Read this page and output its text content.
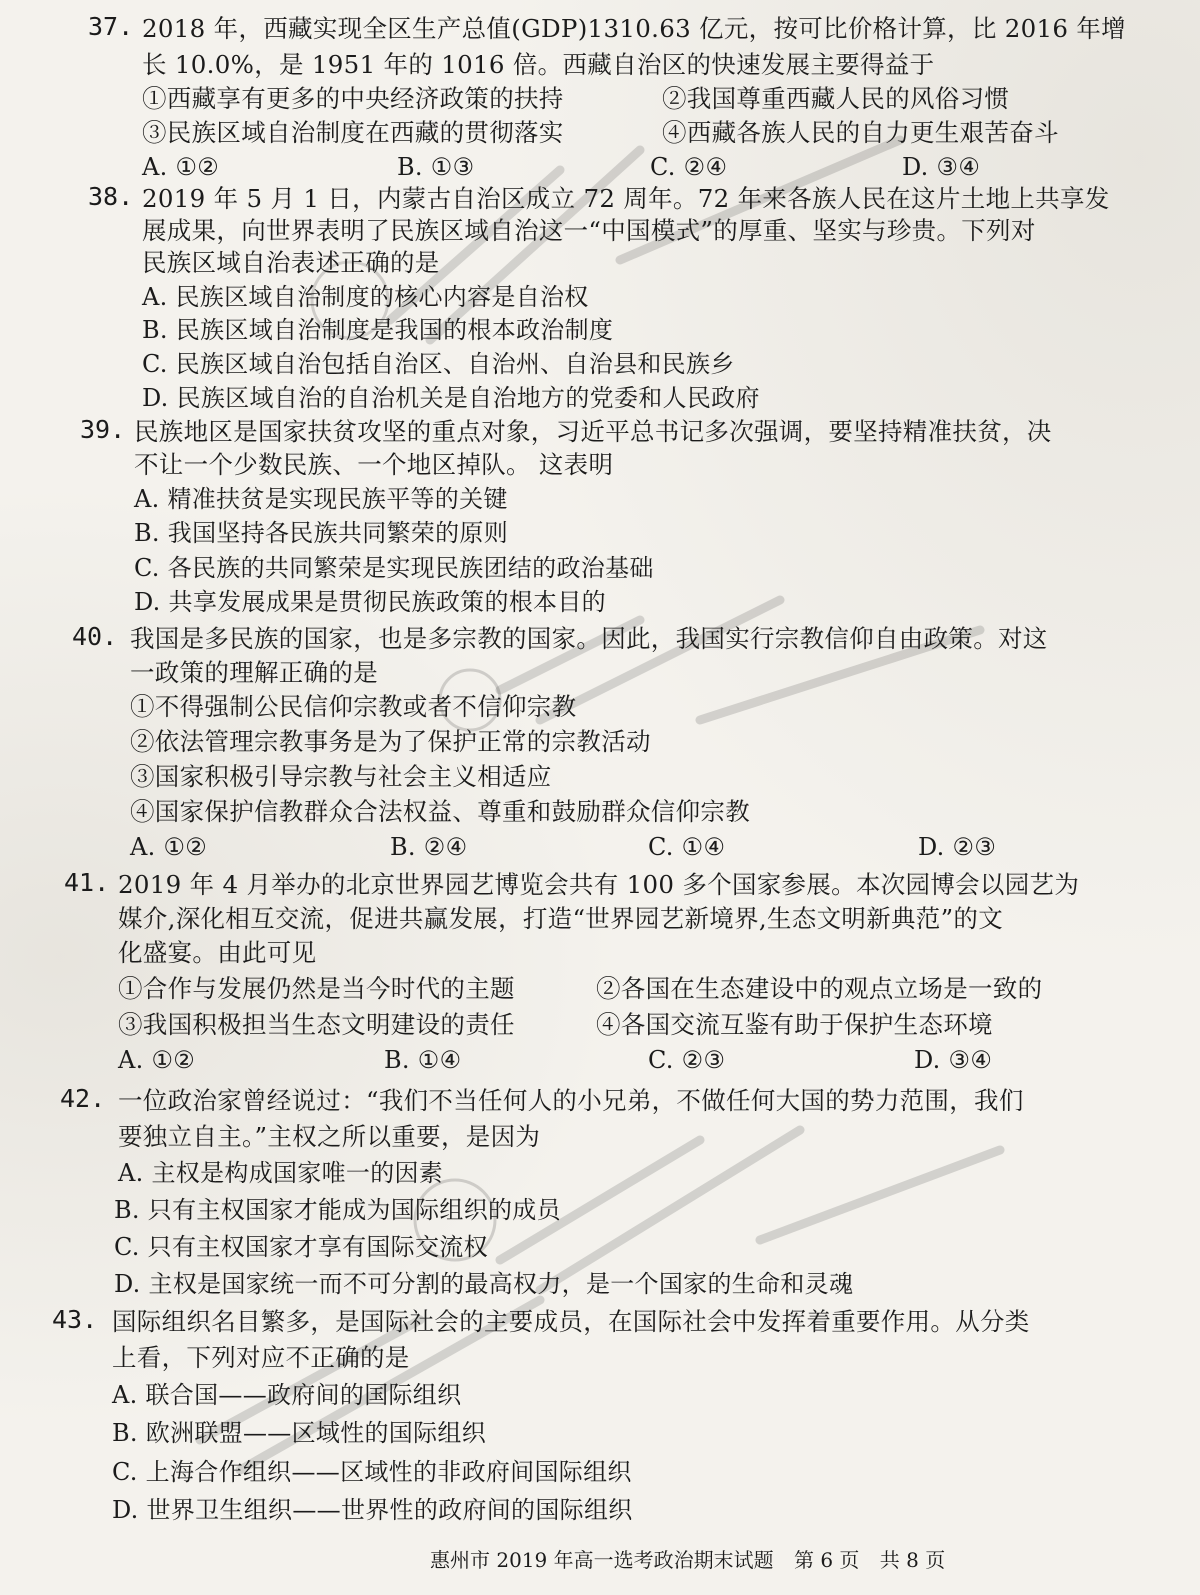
37. 2018 年，西藏实现全区生产总值(GDP)1310.63 亿元，按可比价格计算，比 2016 年增
长 10.0%，是 1951 年的 1016 倍。西藏自治区的快速发展主要得益于
①西藏享有更多的中央经济政策的扶持	②我国尊重西藏人民的风俗习惯
③民族区域自治制度在西藏的贯彻落实	④西藏各族人民的自力更生艰苦奋斗
A. ①②	B. ①③	C. ②④	D. ③④
38. 2019 年 5 月 1 日，内蒙古自治区成立 72 周年。72 年来各族人民在这片土地上共享发
展成果，向世界表明了民族区域自治这一“中国模式”的厚重、坚实与珍贵。下列对
民族区域自治表述正确的是
A. 民族区域自治制度的核心内容是自治权
B. 民族区域自治制度是我国的根本政治制度
C. 民族区域自治包括自治区、自治州、自治县和民族乡
D. 民族区域自治的自治机关是自治地方的党委和人民政府
39. 民族地区是国家扶贫攻坚的重点对象，习近平总书记多次强调，要坚持精准扶贫，决
不让一个少数民族、一个地区掉队。 这表明
A. 精准扶贫是实现民族平等的关键
B. 我国坚持各民族共同繁荣的原则
C. 各民族的共同繁荣是实现民族团结的政治基础
D. 共享发展成果是贯彻民族政策的根本目的
40. 我国是多民族的国家，也是多宗教的国家。因此，我国实行宗教信仰自由政策。对这
一政策的理解正确的是
①不得强制公民信仰宗教或者不信仰宗教
②依法管理宗教事务是为了保护正常的宗教活动
③国家积极引导宗教与社会主义相适应
④国家保护信教群众合法权益、尊重和鼓励群众信仰宗教
A. ①②	B. ②④	C. ①④	D. ②③
41. 2019 年 4 月举办的北京世界园艺博览会共有 100 多个国家参展。本次园博会以园艺为
媒介,深化相互交流，促进共赢发展，打造“世界园艺新境界,生态文明新典范”的文
化盛宴。由此可见
①合作与发展仍然是当今时代的主题	②各国在生态建设中的观点立场是一致的
③我国积极担当生态文明建设的责任	④各国交流互鉴有助于保护生态环境
A. ①②	B. ①④	C. ②③	D. ③④
42. 一位政治家曾经说过：“我们不当任何人的小兄弟，不做任何大国的势力范围，我们
要独立自主。”主权之所以重要，是因为
A. 主权是构成国家唯一的因素
B. 只有主权国家才能成为国际组织的成员
C. 只有主权国家才享有国际交流权
D. 主权是国家统一而不可分割的最高权力，是一个国家的生命和灵魂
43. 国际组织名目繁多，是国际社会的主要成员，在国际社会中发挥着重要作用。从分类
上看，下列对应不正确的是
A. 联合国——政府间的国际组织
B. 欧洲联盟——区域性的国际组织
C. 上海合作组织——区域性的非政府间国际组织
D. 世界卫生组织——世界性的政府间的国际组织
惠州市 2019 年高一选考政治期末试题 第 6 页 共 8 页
